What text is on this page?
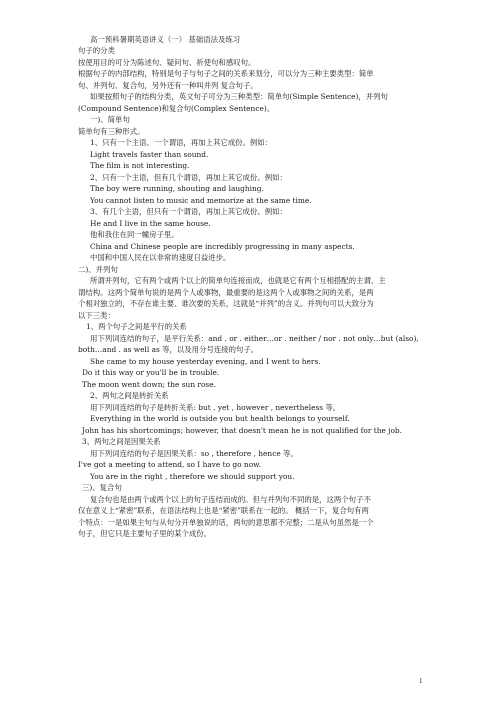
高一预科暑期英语讲义（一） 基础语法及练习
句子的分类
按使用目的可分为陈述句、疑问句、祈使句和感叹句。
根据句子的内部结构，特别是句子与句子之间的关系来划分，可以分为三种主要类型：简单
句、并列句、复合句，另外还有一种叫并列 复合句子。
如果按照句子的结构分类，英文句子可分为三种类型：简单句(Simple Sentence)，并列句
(Compound Sentence)和复合句(Complex Sentence)。
一)、简单句
简单句有三种形式。
1、只有一个主语、一个谓语，再加上其它成份。例如：
Light travels faster than sound.
The film is not interesting.
2、只有一个主语，但有几个谓语，再加上其它成份。例如：
The boy were running, shouting and laughing.
You cannot listen to music and memorize at the same time.
3、有几个主语，但只有一个谓语，再加上其它成份。例如：
He and I live in the same house.
他和我住在同一幢房子里。
China and Chinese people are incredibly progressing in many aspects.
中国和中国人民在以非常的速度日益进步。
二)、并列句
所谓并列句，它有两个或两个以上的简单句连接而成，也就是它有两个互相搭配的主谓、主
谓结构。这两个简单句说的是两个人或事物，最重要的是这两个人或事物之间的关系，是两
个相对独立的，不存在谁主要、谁次要的关系，这就是“并列”的含义。并列句可以大致分为
以下三类：
1、两个句子之间是平行的关系
用下列词连结的句子，是平行关系：and . or . either…or . neither / nor . not only…but (also),
both…and . as well as 等，以及用分号连接的句子。
She came to my house yesterday evening, and I went to hers.
Do it this way or you'll be in trouble.
The moon went down; the sun rose.
2、两句之间是转折关系
用下列词连结的句子是转折关系: but , yet , however , nevertheless 等。
Everything in the world is outside you but health belongs to yourself.
John has his shortcomings; however, that doesn't mean he is not qualified for the job.
3、两句之间是因果关系
用下列词连结的句子是因果关系：so , therefore , hence 等。
I've got a meeting to attend, so I have to go now.
You are in the right , therefore we should support you.
三)、复合句
复合句也是由两个或两个以上的句子连结而成的。但与并列句不同的是，这两个句子不
仅在意义上“紧密”联系，在语法结构上也是“紧密”联系在一起的。 概括一下，复合句有两
个特点：一是如果主句与从句分开单独说的话，两句的意思都不完整；二是从句虽然是一个
句子，但它只是主要句子里的某个成份。
1
